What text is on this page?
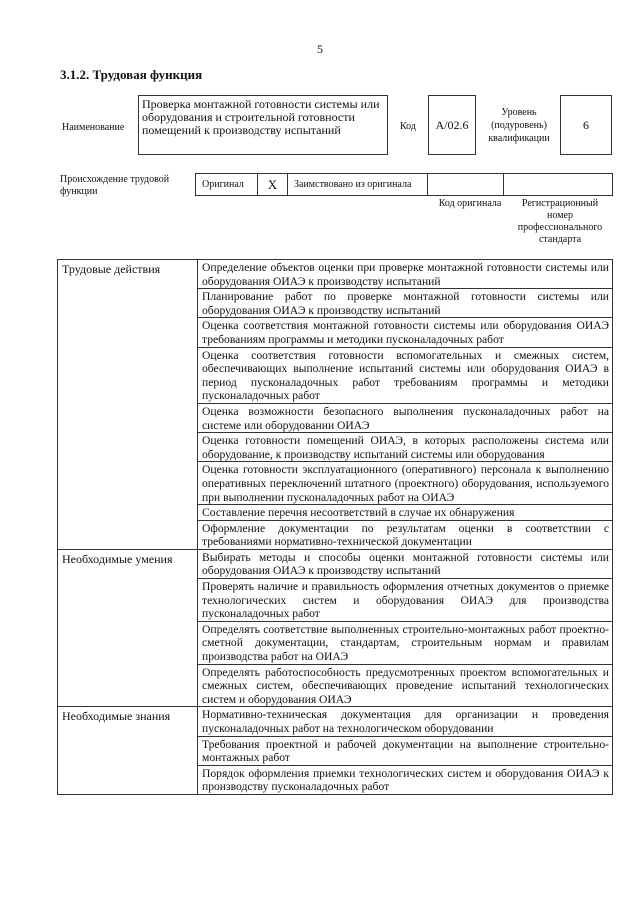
5
3.1.2. Трудовая функция
Наименование
Проверка монтажной готовности системы или оборудования и строительной готовности помещений к производству испытаний	Код	A/02.6
Уровень (подуровень) квалификации
6
Происхождение трудовой функции
Оригинал	X	Заимствовано из оригинала
Код оригинала	Регистрационный номер профессионального стандарта
Трудовые действия	Определение объектов оценки при проверке монтажной готовности системы или оборудования ОИАЭ к производству испытаний
	Планирование работ по проверке монтажной готовности системы или оборудования ОИАЭ к производству испытаний
	Оценка соответствия монтажной готовности системы или оборудования ОИАЭ требованиям программы и методики пусконаладочных работ
	Оценка соответствия готовности вспомогательных и смежных систем, обеспечивающих выполнение испытаний системы или оборудования ОИАЭ в период пусконаладочных работ требованиям программы и методики пусконаладочных работ
	Оценка возможности безопасного выполнения пусконаладочных работ на системе или оборудовании ОИАЭ
	Оценка готовности помещений ОИАЭ, в которых расположены система или оборудование, к производству испытаний системы или оборудования
	Оценка готовности эксплуатационного (оперативного) персонала к выполнению оперативных переключений штатного (проектного) оборудования, используемого при выполнении пусконаладочных работ на ОИАЭ
	Составление перечня несоответствий в случае их обнаружения
	Оформление документации по результатам оценки в соответствии с требованиями нормативно-технической документации
Необходимые умения	Выбирать методы и способы оценки монтажной готовности системы или оборудования ОИАЭ к производству испытаний
	Проверять наличие и правильность оформления отчетных документов о приемке технологических систем и оборудования ОИАЭ для производства пусконаладочных работ
	Определять соответствие выполненных строительно-монтажных работ проектно-сметной документации, стандартам, строительным нормам и правилам производства работ на ОИАЭ
	Определять работоспособность предусмотренных проектом вспомогательных и смежных систем, обеспечивающих проведение испытаний технологических систем и оборудования ОИАЭ
Необходимые знания	Нормативно-техническая документация для организации и проведения пусконаладочных работ на технологическом оборудовании
	Требования проектной и рабочей документации на выполнение строительно-монтажных работ
	Порядок оформления приемки технологических систем и оборудования ОИАЭ к производству пусконаладочных работ
